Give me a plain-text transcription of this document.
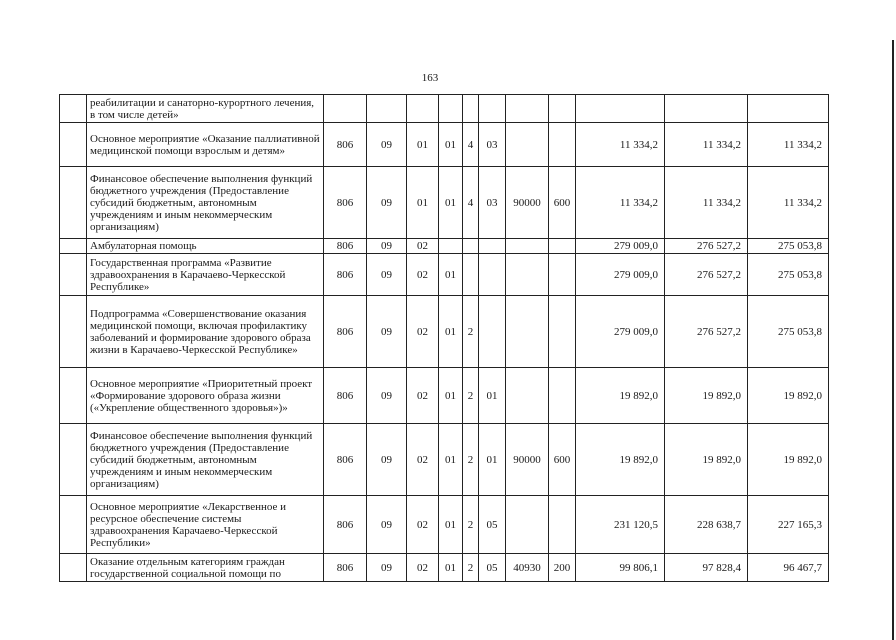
163
	реабилитации и санаторно-курортного лечения, в том числе детей»											
	Основное мероприятие «Оказание паллиативной медицинской помощи взрослым и детям»	806	09	01	01	4	03			11 334,2	11 334,2	11 334,2
	Финансовое обеспечение выполнения функций бюджетного учреждения (Предоставление субсидий бюджетным, автономным учреждениям и иным некоммерческим организациям)	806	09	01	01	4	03	90000	600	11 334,2	11 334,2	11 334,2
	Амбулаторная помощь	806	09	02						279 009,0	276 527,2	275 053,8
	Государственная программа «Развитие здравоохранения в Карачаево-Черкесской Республике»	806	09	02	01					279 009,0	276 527,2	275 053,8
	Подпрограмма «Совершенствование оказания медицинской помощи, включая профилактику заболеваний и формирование здорового образа жизни в Карачаево-Черкесской Республике»	806	09	02	01	2				279 009,0	276 527,2	275 053,8
	Основное мероприятие «Приоритетный проект «Формирование здорового образа жизни («Укрепление общественного здоровья»)»	806	09	02	01	2	01			19 892,0	19 892,0	19 892,0
	Финансовое обеспечение выполнения функций бюджетного учреждения (Предоставление субсидий бюджетным, автономным учреждениям и иным некоммерческим организациям)	806	09	02	01	2	01	90000	600	19 892,0	19 892,0	19 892,0
	Основное мероприятие «Лекарственное и ресурсное обеспечение системы здравоохранения Карачаево-Черкесской Республики»	806	09	02	01	2	05			231 120,5	228 638,7	227 165,3
	Оказание отдельным категориям граждан государственной социальной помощи по	806	09	02	01	2	05	40930	200	99 806,1	97 828,4	96 467,7
